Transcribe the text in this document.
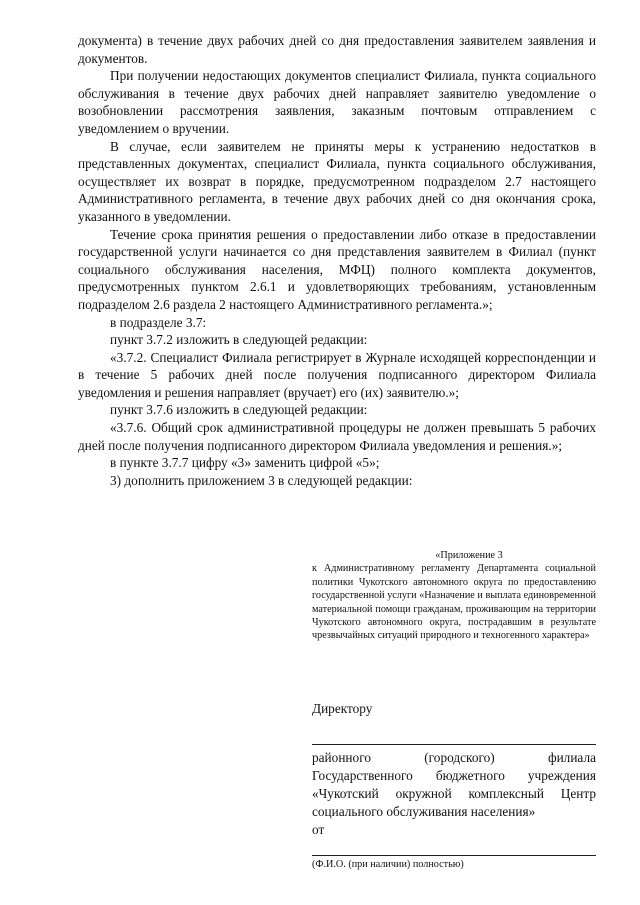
документа) в течение двух рабочих дней со дня предоставления заявителем заявления и документов.

При получении недостающих документов специалист Филиала, пункта социального обслуживания в течение двух рабочих дней направляет заявителю уведомление о возобновлении рассмотрения заявления, заказным почтовым отправлением с уведомлением о вручении.

В случае, если заявителем не приняты меры к устранению недостатков в представленных документах, специалист Филиала, пункта социального обслуживания, осуществляет их возврат в порядке, предусмотренном подразделом 2.7 настоящего Административного регламента, в течение двух рабочих дней со дня окончания срока, указанного в уведомлении.

Течение срока принятия решения о предоставлении либо отказе в предоставлении государственной услуги начинается со дня представления заявителем в Филиал (пункт социального обслуживания населения, МФЦ) полного комплекта документов, предусмотренных пунктом 2.6.1 и удовлетворяющих требованиям, установленным подразделом 2.6 раздела 2 настоящего Административного регламента.»;

в подразделе 3.7:

пункт 3.7.2 изложить в следующей редакции:

«3.7.2. Специалист Филиала регистрирует в Журнале исходящей корреспонденции и в течение 5 рабочих дней после получения подписанного директором Филиала уведомления и решения направляет (вручает) его (их) заявителю.»;

пункт 3.7.6 изложить в следующей редакции:

«3.7.6. Общий срок административной процедуры не должен превышать 5 рабочих дней после получения подписанного директором Филиала уведомления и решения.»;

в пункте 3.7.7 цифру «3» заменить цифрой «5»;

3) дополнить приложением 3 в следующей редакции:

«Приложение 3
к Административному регламенту Департамента социальной политики Чукотского автономного округа по предоставлению государственной услуги «Назначение и выплата единовременной материальной помощи гражданам, проживающим на территории Чукотского автономного округа, пострадавшим в результате чрезвычайных ситуаций природного и техногенного характера»
Директору
районного (городского) филиала Государственного бюджетного учреждения «Чукотский окружной комплексный Центр социального обслуживания населения»
от
(Ф.И.О. (при наличии) полностью)
